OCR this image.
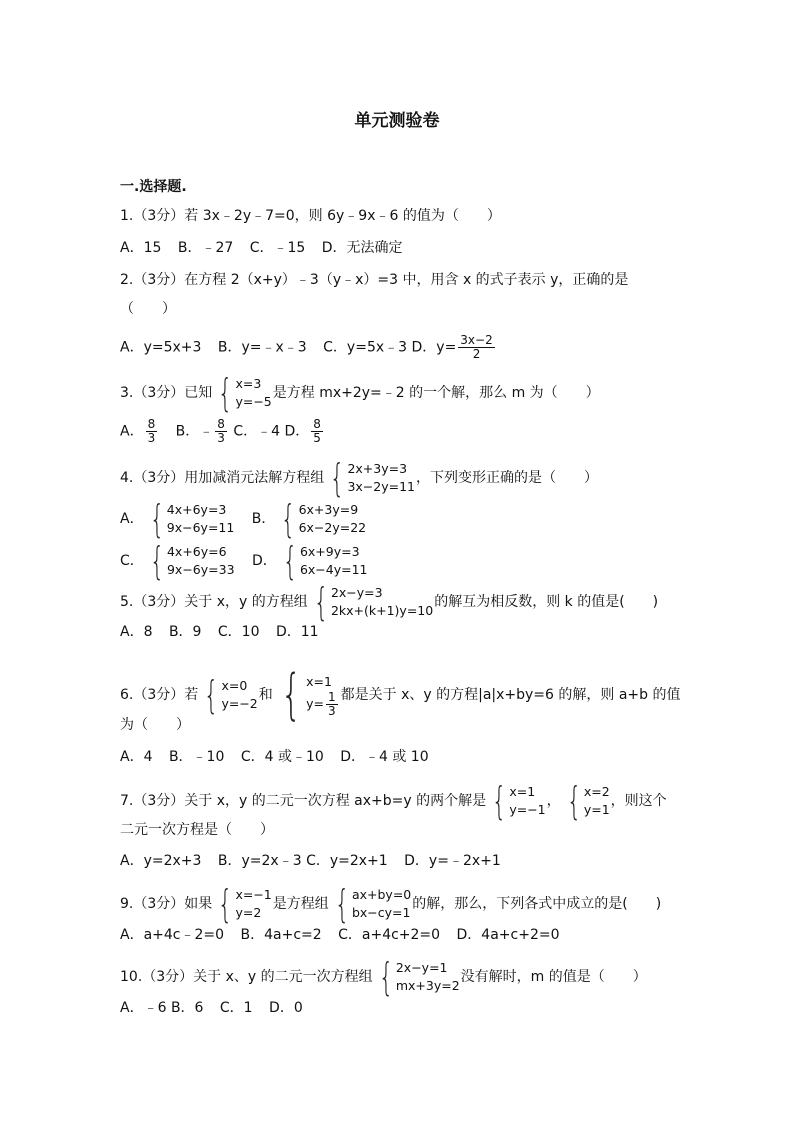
单元测验卷
一.选择题.
1.（3分）若 3x﹣2y﹣7=0，则 6y﹣9x﹣6 的值为（　　）
A．15 B．﹣27 C．﹣15 D．无法确定
2.（3分）在方程 2（x+y）﹣3（y﹣x）=3 中，用含 x 的式子表示 y，正确的是
（　　）
A．y=5x+3 B．y=﹣x﹣3 C．y=5x﹣3 D．$y= \frac{3x-2}{2}$
3.（3分）已知 { x=3
y=−5
是方程 mx+2y=﹣2 的一个解，那么 m 为（　　）
A． $\frac{8}{3}$ B．﹣ $\frac{8}{3}$ C．﹣4 D． $\frac{8}{5}$
4.（3分）用加减消元法解方程组 { 2x+3y=3
3x−2y=11
，下列变形正确的是（　　）
A． { 4x+6y=3
9x−6y=11
B． { 6x+3y=9
6x−2y=22
C． { 4x+6y=6
9x−6y=33
D． { 6x+9y=3
6x−4y=11
5.（3分）关于 x，y 的方程组 { 2x−y=3
2kx+(k+1)y=10
的解互为相反数，则 k 的值是(　　)
A．8 B．9 C．10 D．11
6.（3分）若 { x=0
y=−2
和 { x=1
$y= \frac{1}{3}$ 都是关于 x、y 的方程|a|x+by=6 的解，则 a+b 的值
为（　　）
A．4 B．﹣10 C．4 或﹣10 D．﹣4 或 10
7.（3分）关于 x，y 的二元一次方程 ax+b=y 的两个解是 { x=1
y=−1
， { x=2
y=1
，则这个
二元一次方程是（　　）
A．y=2x+3 B．y=2x﹣3 C．y=2x+1 D．y=﹣2x+1
9.（3分）如果 { x=−1
y=2
是方程组 { ax+by=0
bx−cy=1
的解，那么，下列各式中成立的是(　　)
A．a+4c﹣2=0 B．4a+c=2 C．a+4c+2=0 D．4a+c+2=0
10.（3分）关于 x、y 的二元一次方程组 { 2x−y=1
mx+3y=2
没有解时，m 的值是（　　）
A．﹣6 B．6 C．1 D．0
